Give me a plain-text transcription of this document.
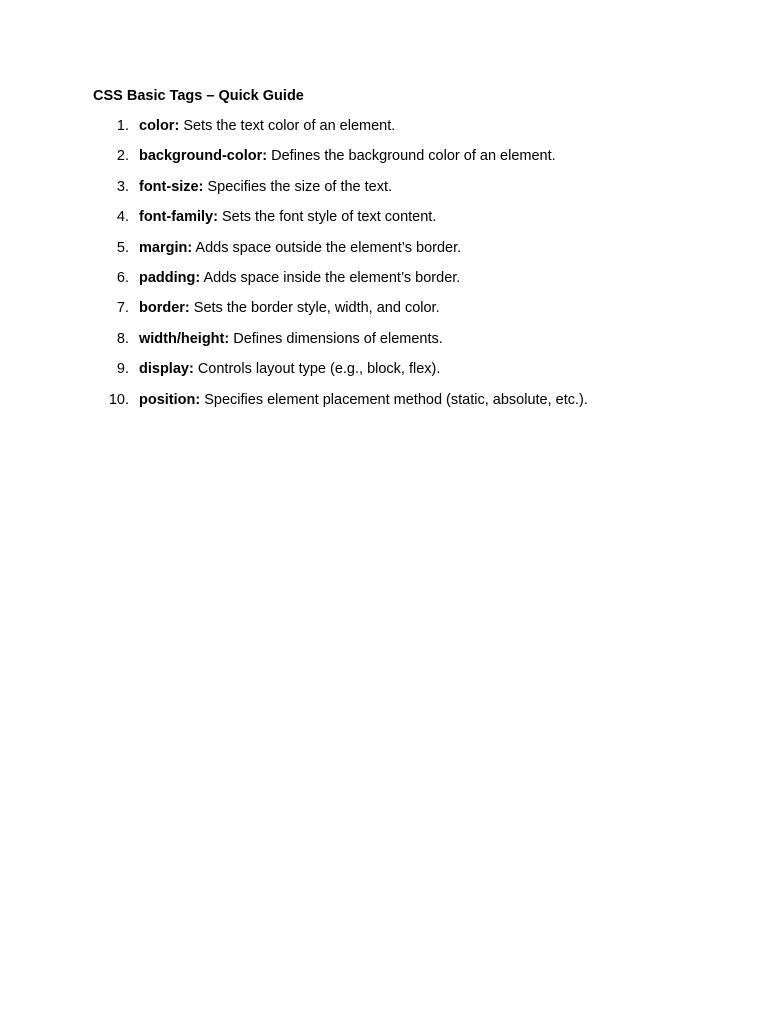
CSS Basic Tags – Quick Guide
1. color: Sets the text color of an element.
2. background-color: Defines the background color of an element.
3. font-size: Specifies the size of the text.
4. font-family: Sets the font style of text content.
5. margin: Adds space outside the element’s border.
6. padding: Adds space inside the element’s border.
7. border: Sets the border style, width, and color.
8. width/height: Defines dimensions of elements.
9. display: Controls layout type (e.g., block, flex).
10. position: Specifies element placement method (static, absolute, etc.).
